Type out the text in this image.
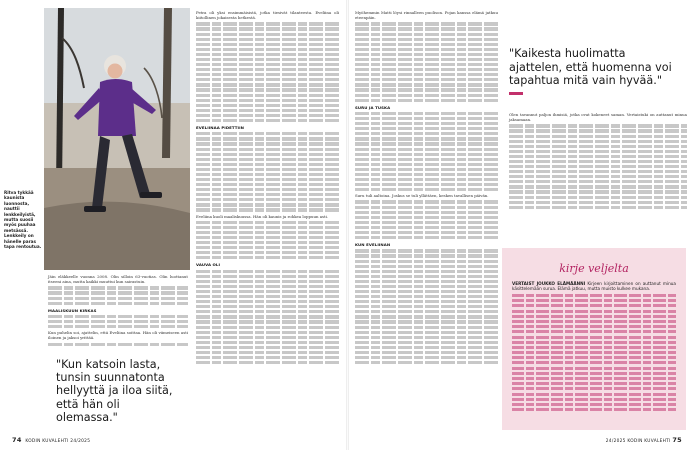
Ritva tykkää kaunista luonnosta, nauttii lenkkeilyistä, mutta suosii myös puuhaa metsässä. Lenkkeily on hänelle paras tapa rentoutua.

Jäin eläkkeelle vuonna 2008. Olin silloin 63-vuotias. Olin luottanut itseeni aina, mutta kaikki muuttui kun sairastuin.

MAALISKUUN KIRKAS

Kun puhelin soi, ajattelin, että Eveliina soittaa. Hän oli viimeiseen asti iloinen ja jaksoi yrittää.

"Kun katsoin lasta, tunsin suunnatonta hellyyttä ja iloa siitä, että hän oli olemassa."

Petra oli yksi ensimmäisistä, jotka tiesivät tilanteesta. Eveliina oli kiitollinen jokaisesta hetkestä.

EVELIINAA PIDETTIIN

Eveliina kuoli maaliskuussa. Hän oli kaunis ja rohkea loppuun asti.

VAUVA OLI

74 KODIN KUVALEHTI 24/2025

Myöhemmin Matti löysi rinnalleen puolison. Pojan kanssa elämä jatkuu eteenpäin.

SURU JA TUSKA

Suru tuli aaltoina. Joskus se tuli yllättäen, kesken tavallisen päivän.

KUN EVELIINAN

Olen tavannut paljon ihmisiä, jotka ovat kokeneet saman. Vertaistuki on auttanut minua jaksamaan.

24/2025 KODIN KUVALEHTI 75
"Kaikesta huolimatta ajattelen, että huomenna voi tapahtua mitä vain hyvää."
kirje veljelta
VERTAIST JOUKKO ELÄMÄÄNNI Kirjeen kirjoittaminen on auttanut minua käsittelemään surua. Elämä jatkuu, mutta muisto kulkee mukana.
